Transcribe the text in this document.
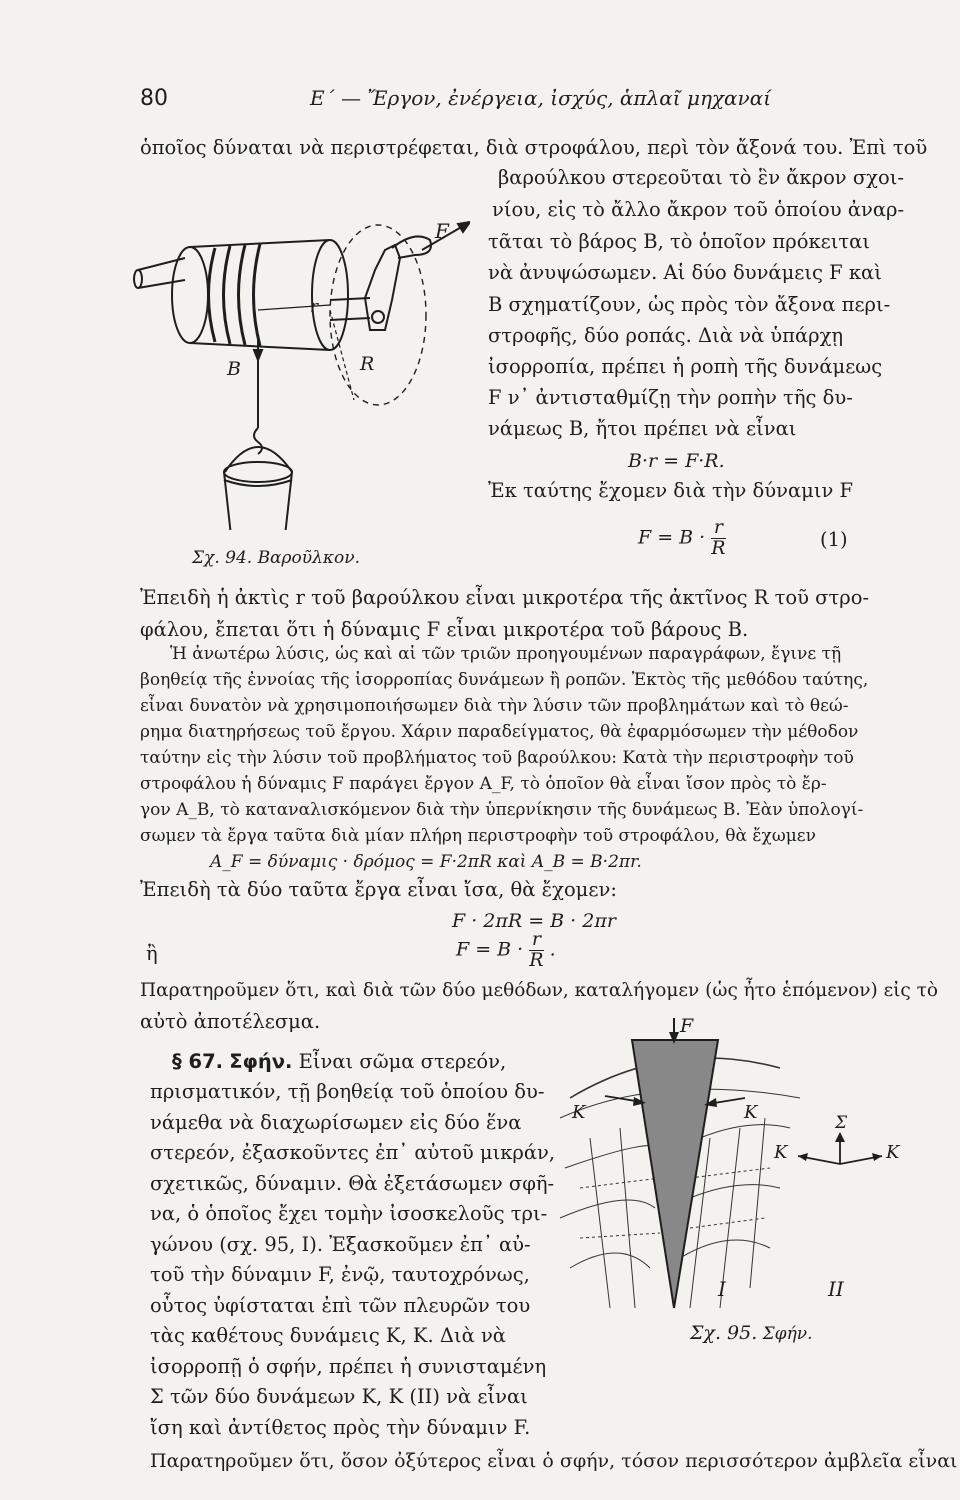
80	Ε΄ — Ἔργον, ἐνέργεια, ἰσχύς, ἁπλαῖ μηχαναί
ὁποῖος δύναται νὰ περιστρέφεται, διὰ στροφάλου, περὶ τὸν ἄξονά του. Ἐπὶ τοῦ
βαρούλκου στερεοῦται τὸ ἓν ἄκρον σχοι-
νίου, εἰς τὸ ἄλλο ἄκρον τοῦ ὁποίου ἀναρ-
τᾶται τὸ βάρος Β, τὸ ὁποῖον πρόκειται
νὰ ἀνυψώσωμεν. Αἱ δύο δυνάμεις F καὶ
Β σχηματίζουν, ὡς πρὸς τὸν ἄξονα περι-
στροφῆς, δύο ροπάς. Διὰ νὰ ὑπάρχῃ
ἰσορροπία, πρέπει ἡ ροπὴ τῆς δυνάμεως
F ν᾽ ἀντισταθμίζῃ τὴν ροπὴν τῆς δυ-
νάμεως Β, ἤτοι πρέπει νὰ εἶναι
B·r = F·R.
Ἐκ ταύτης ἔχομεν διὰ τὴν δύναμιν F
$F = B \cdot \frac{r}{R}$	(1)
F
B
r
R
Σχ. 94. Βαροῦλκον.
Ἐπειδὴ ἡ ἀκτὶς r τοῦ βαρούλκου εἶναι μικροτέρα τῆς ἀκτῖνος R τοῦ στρο-
φάλου, ἔπεται ὅτι ἡ δύναμις F εἶναι μικροτέρα τοῦ βάρους Β.
Ἡ ἀνωτέρω λύσις, ὡς καὶ αἱ τῶν τριῶν προηγουμένων παραγράφων, ἔγινε τῇ
βοηθείᾳ τῆς ἐννοίας τῆς ἰσορροπίας δυνάμεων ἢ ροπῶν. Ἐκτὸς τῆς μεθόδου ταύτης,
εἶναι δυνατὸν νὰ χρησιμοποιήσωμεν διὰ τὴν λύσιν τῶν προβλημάτων καὶ τὸ θεώ-
ρημα διατηρήσεως τοῦ ἔργου. Χάριν παραδείγματος, θὰ ἐφαρμόσωμεν τὴν μέθοδον
ταύτην εἰς τὴν λύσιν τοῦ προβλήματος τοῦ βαρούλκου: Κατὰ τὴν περιστροφὴν τοῦ
στροφάλου ἡ δύναμις F παράγει ἔργον A_F, τὸ ὁποῖον θὰ εἶναι ἴσον πρὸς τὸ ἔρ-
γον A_B, τὸ καταναλισκόμενον διὰ τὴν ὑπερνίκησιν τῆς δυνάμεως Β. Ἐὰν ὑπολογί-
σωμεν τὰ ἔργα ταῦτα διὰ μίαν πλήρη περιστροφὴν τοῦ στροφάλου, θὰ ἔχωμεν
A_F = δύναμις · δρόμος = F·2πR καὶ A_B = B·2πr.
Ἐπειδὴ τὰ δύο ταῦτα ἔργα εἶναι ἴσα, θὰ ἔχομεν:
F · 2πR = B · 2πr
ἢ	$F = B \cdot \frac{r}{R}$ .
Παρατηροῦμεν ὅτι, καὶ διὰ τῶν δύο μεθόδων, καταλήγομεν (ὡς ἦτο ἑπόμενον) εἰς τὸ
αὐτὸ ἀποτέλεσμα.
§ 67. Σφήν. Εἶναι σῶμα στερεόν,
πρισματικόν, τῇ βοηθείᾳ τοῦ ὁποίου δυ-
νάμεθα νὰ διαχωρίσωμεν εἰς δύο ἕνα
στερεόν, ἐξασκοῦντες ἐπ᾽ αὐτοῦ μικράν,
σχετικῶς, δύναμιν. Θὰ ἐξετάσωμεν σφῆ-
να, ὁ ὁποῖος ἔχει τομὴν ἰσοσκελοῦς τρι-
γώνου (σχ. 95, I). Ἐξασκοῦμεν ἐπ᾽ αὐ-
τοῦ τὴν δύναμιν F, ἐνῷ, ταυτοχρόνως,
οὗτος ὑφίσταται ἐπὶ τῶν πλευρῶν του
τὰς καθέτους δυνάμεις Κ, Κ. Διὰ νὰ
ἰσορροπῇ ὁ σφήν, πρέπει ἡ συνισταμένη
Σ τῶν δύο δυνάμεων Κ, Κ (II) νὰ εἶναι
ἴση καὶ ἀντίθετος πρὸς τὴν δύναμιν F.
Παρατηροῦμεν ὅτι, ὅσον ὀξύτερος εἶναι ὁ σφήν, τόσον περισσότερον ἀμβλεῖα εἶναι
F
K	K
I
K
Σ
K
II
Σχ. 95. Σφήν.
